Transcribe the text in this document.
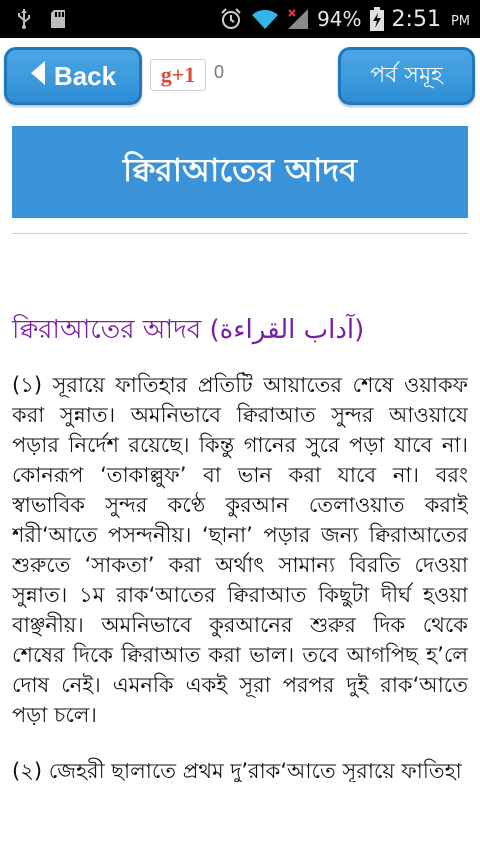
94% 2:51 PM
Back g+1 0	পর্ব সমূহ
ক্বিরাআতের আদব
ক্বিরাআতের আদব (آداب القراءة)

(১) সূরায়ে ফাতিহার প্রতিটি আয়াতের শেষে ওয়াকফ করা সুন্নাত। অমনিভাবে ক্বিরাআত সুন্দর আওয়াযে পড়ার নির্দেশ রয়েছে। কিন্তু গানের সুরে পড়া যাবে না। কোনরূপ ‘তাকাল্লুফ’ বা ভান করা যাবে না। বরং স্বাভাবিক সুন্দর কণ্ঠে কুরআন তেলাওয়াত করাই শরী‘আতে পসন্দনীয়। ‘ছানা’ পড়ার জন্য ক্বিরাআতের শুরুতে ‘সাকতা’ করা অর্থাৎ সামান্য বিরতি দেওয়া সুন্নাত। ১ম রাক‘আতের ক্বিরাআত কিছুটা দীর্ঘ হওয়া বাঞ্ছনীয়। অমনিভাবে কুরআনের শুরুর দিক থেকে শেষের দিকে ক্বিরাআত করা ভাল। তবে আগপিছ হ’লে দোষ নেই। এমনকি একই সূরা পরপর দুই রাক‘আতে পড়া চলে।

(২) জেহরী ছালাতে প্রথম দু’রাক‘আতে সূরায়ে ফাতিহা
